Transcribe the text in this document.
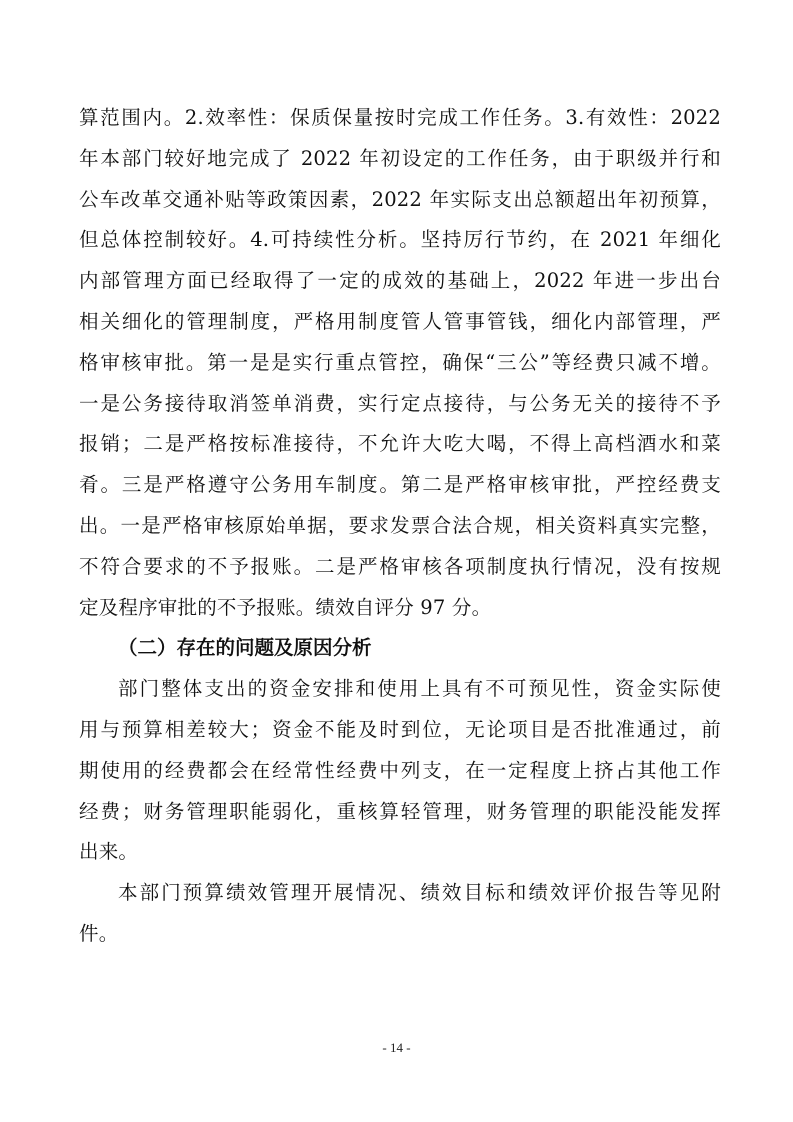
算范围内。2.效率性：保质保量按时完成工作任务。3.有效性：2022
年本部门较好地完成了 2022 年初设定的工作任务，由于职级并行和
公车改革交通补贴等政策因素，2022 年实际支出总额超出年初预算，
但总体控制较好。4.可持续性分析。坚持厉行节约，在 2021 年细化
内部管理方面已经取得了一定的成效的基础上，2022 年进一步出台
相关细化的管理制度，严格用制度管人管事管钱，细化内部管理，严
格审核审批。第一是是实行重点管控，确保“三公”等经费只减不增。
一是公务接待取消签单消费，实行定点接待，与公务无关的接待不予
报销；二是严格按标准接待，不允许大吃大喝，不得上高档酒水和菜
肴。三是严格遵守公务用车制度。第二是严格审核审批，严控经费支
出。一是严格审核原始单据，要求发票合法合规，相关资料真实完整，
不符合要求的不予报账。二是严格审核各项制度执行情况，没有按规
定及程序审批的不予报账。绩效自评分 97 分。
（二）存在的问题及原因分析
部门整体支出的资金安排和使用上具有不可预见性，资金实际使
用与预算相差较大；资金不能及时到位，无论项目是否批准通过，前
期使用的经费都会在经常性经费中列支，在一定程度上挤占其他工作
经费；财务管理职能弱化，重核算轻管理，财务管理的职能没能发挥
出来。
本部门预算绩效管理开展情况、绩效目标和绩效评价报告等见附
件。
- 14 -
